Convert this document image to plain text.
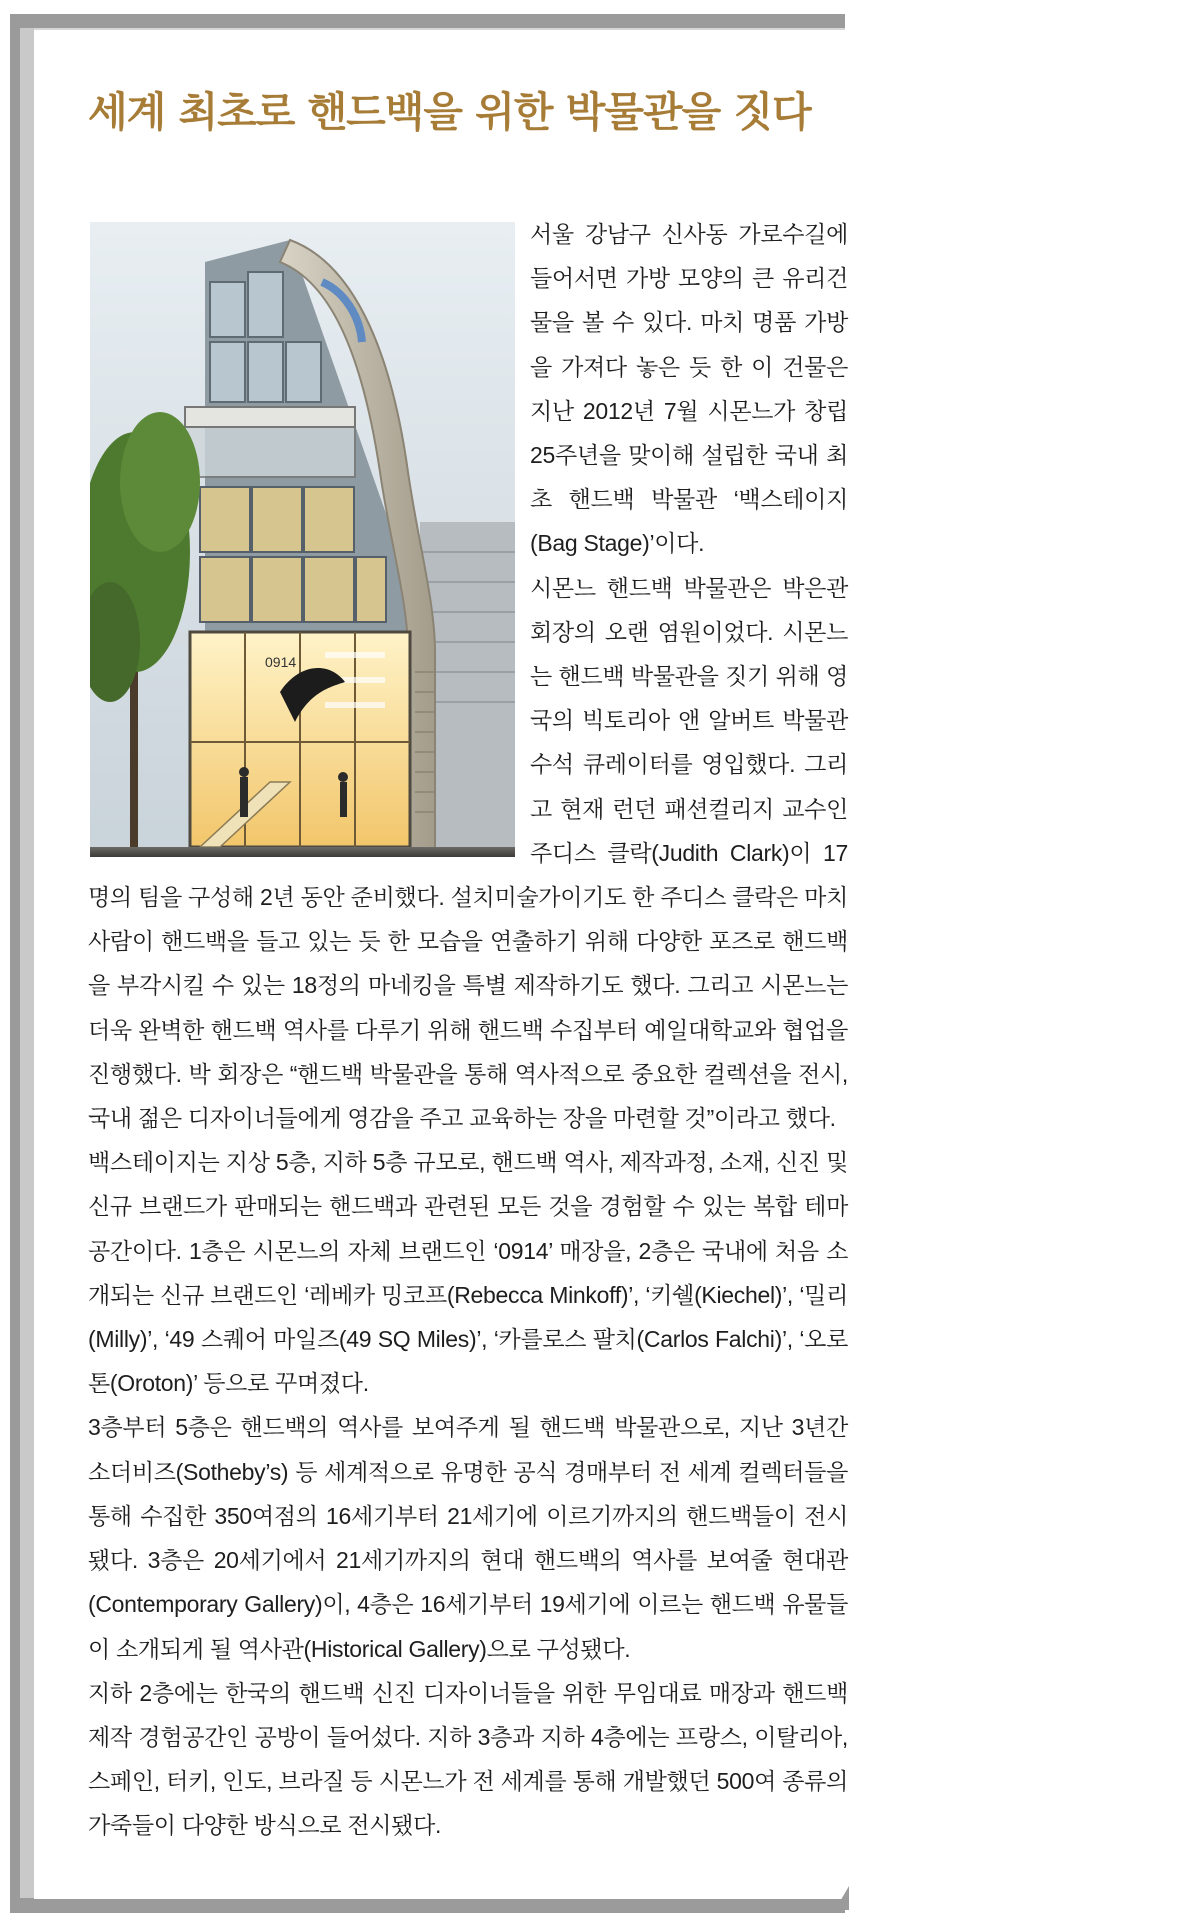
세계 최초로 핸드백을 위한 박물관을 짓다
0914

서울 강남구 신사동 가로수길에 들어서면 가방 모양의 큰 유리건물을 볼 수 있다. 마치 명품 가방을 가져다 놓은 듯 한 이 건물은 지난 2012년 7월 시몬느가 창립 25주년을 맞이해 설립한 국내 최초 핸드백 박물관 ‘백스테이지(Bag Stage)’이다.

시몬느 핸드백 박물관은 박은관 회장의 오랜 염원이었다. 시몬느는 핸드백 박물관을 짓기 위해 영국의 빅토리아 앤 알버트 박물관 수석 큐레이터를 영입했다. 그리고 현재 런던 패션컬리지 교수인 주디스 클락(Judith Clark)이 17명의 팀을 구성해 2년 동안 준비했다. 설치미술가이기도 한 주디스 클락은 마치 사람이 핸드백을 들고 있는 듯 한 모습을 연출하기 위해 다양한 포즈로 핸드백을 부각시킬 수 있는 18정의 마네킹을 특별 제작하기도 했다. 그리고 시몬느는 더욱 완벽한 핸드백 역사를 다루기 위해 핸드백 수집부터 예일대학교와 협업을 진행했다. 박 회장은 “핸드백 박물관을 통해 역사적으로 중요한 컬렉션을 전시, 국내 젊은 디자이너들에게 영감을 주고 교육하는 장을 마련할 것”이라고 했다.

백스테이지는 지상 5층, 지하 5층 규모로, 핸드백 역사, 제작과정, 소재, 신진 및 신규 브랜드가 판매되는 핸드백과 관련된 모든 것을 경험할 수 있는 복합 테마 공간이다. 1층은 시몬느의 자체 브랜드인 ‘0914’ 매장을, 2층은 국내에 처음 소개되는 신규 브랜드인 ‘레베카 밍코프(Rebecca Minkoff)’, ‘키쉘(Kiechel)’, ‘밀리(Milly)’, ‘49 스퀘어 마일즈(49 SQ Miles)’, ‘카를로스 팔치(Carlos Falchi)’, ‘오로톤(Oroton)’ 등으로 꾸며졌다.

3층부터 5층은 핸드백의 역사를 보여주게 될 핸드백 박물관으로, 지난 3년간 소더비즈(Sotheby’s) 등 세계적으로 유명한 공식 경매부터 전 세계 컬렉터들을 통해 수집한 350여점의 16세기부터 21세기에 이르기까지의 핸드백들이 전시됐다. 3층은 20세기에서 21세기까지의 현대 핸드백의 역사를 보여줄 현대관(Contemporary Gallery)이, 4층은 16세기부터 19세기에 이르는 핸드백 유물들이 소개되게 될 역사관(Historical Gallery)으로 구성됐다.

지하 2층에는 한국의 핸드백 신진 디자이너들을 위한 무임대료 매장과 핸드백 제작 경험공간인 공방이 들어섰다. 지하 3층과 지하 4층에는 프랑스, 이탈리아, 스페인, 터키, 인도, 브라질 등 시몬느가 전 세계를 통해 개발했던 500여 종류의 가죽들이 다양한 방식으로 전시됐다.
